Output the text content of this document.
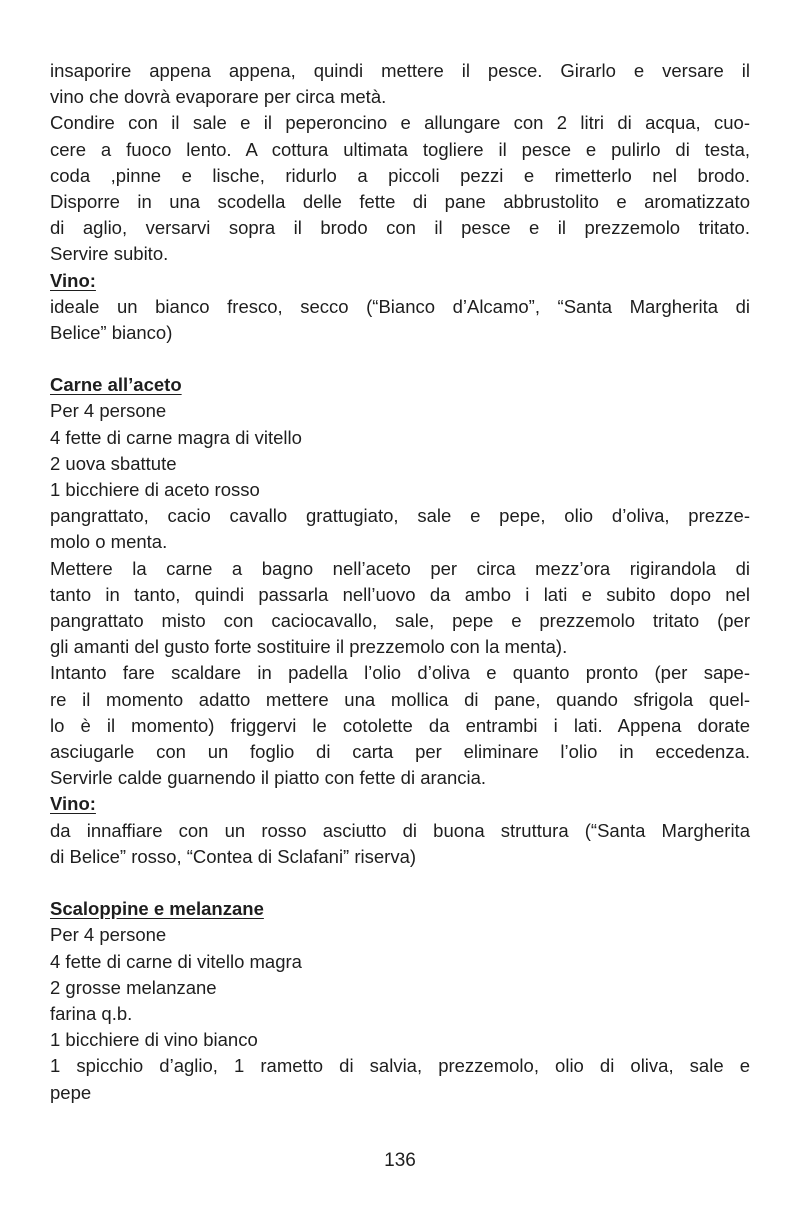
insaporire appena appena, quindi mettere il pesce. Girarlo e versare il
vino che dovrà evaporare per circa metà.
Condire con il sale e il peperoncino e allungare con 2 litri di acqua, cuo-
cere a fuoco lento. A cottura ultimata togliere il pesce e pulirlo di testa,
coda ,pinne e lische, ridurlo a piccoli pezzi e rimetterlo nel brodo.
Disporre in una scodella delle fette di pane abbrustolito e aromatizzato
di aglio, versarvi sopra il brodo con il pesce e il prezzemolo tritato.
Servire subito.
Vino:
ideale un bianco fresco, secco (“Bianco d’Alcamo”, “Santa Margherita di
Belice” bianco)
Carne all’aceto
Per 4 persone
4 fette di carne magra di vitello
2 uova sbattute
1 bicchiere di aceto rosso
pangrattato, cacio cavallo grattugiato, sale e pepe, olio d’oliva, prezze-
molo o menta.
Mettere la carne a bagno nell’aceto per circa mezz’ora rigirandola di
tanto in tanto, quindi passarla nell’uovo da ambo i lati e subito dopo nel
pangrattato misto con caciocavallo, sale, pepe e prezzemolo tritato (per
gli amanti del gusto forte sostituire il prezzemolo con la menta).
Intanto fare scaldare in padella l’olio d’oliva e quanto pronto (per sape-
re il momento adatto mettere una mollica di pane, quando sfrigola quel-
lo è il momento) friggervi le cotolette da entrambi i lati. Appena dorate
asciugarle con un foglio di carta per eliminare l’olio in eccedenza.
Servirle calde guarnendo il piatto con fette di arancia.
Vino:
da innaffiare con un rosso asciutto di buona struttura (“Santa Margherita
di Belice” rosso, “Contea di Sclafani” riserva)
Scaloppine e melanzane
Per 4 persone
4 fette di carne di vitello magra
2 grosse melanzane
farina q.b.
1 bicchiere di vino bianco
1 spicchio d’aglio, 1 rametto di salvia, prezzemolo, olio di oliva, sale e
pepe
136
